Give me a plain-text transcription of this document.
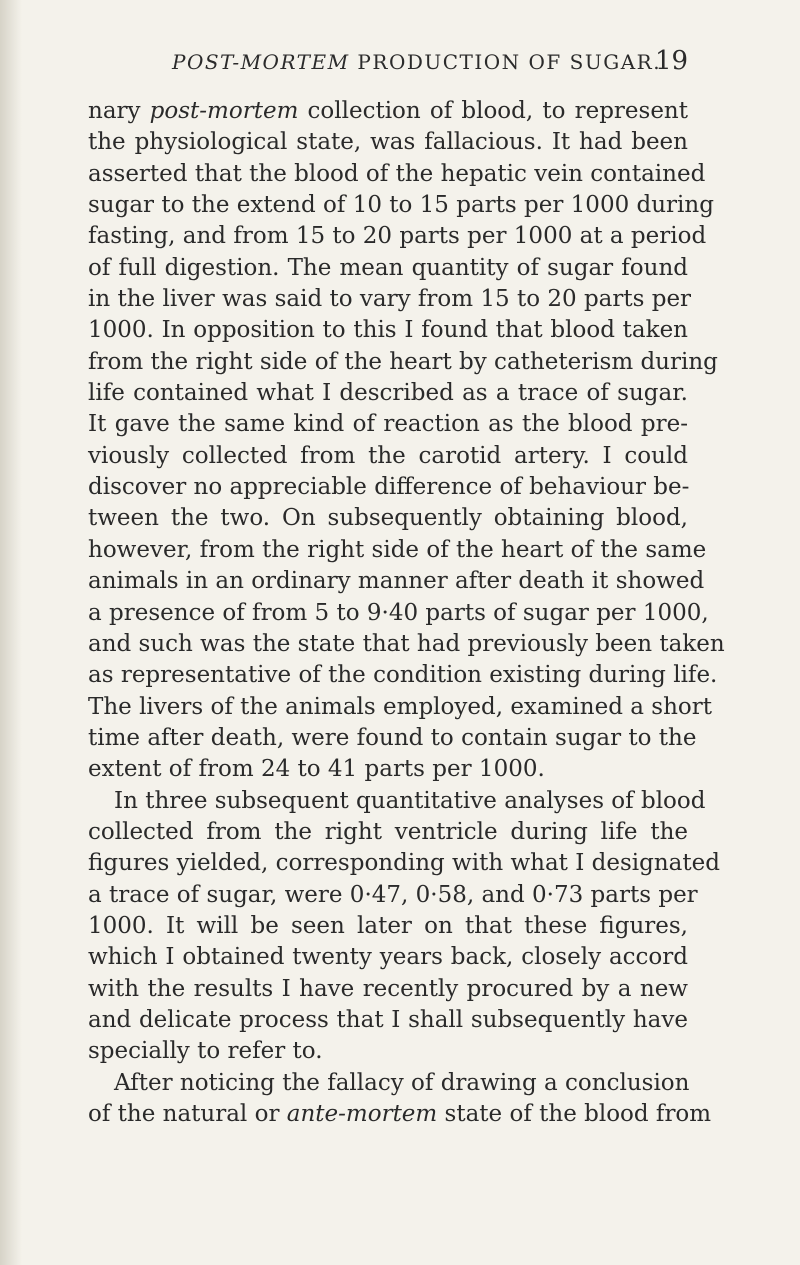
POST-MORTEM PRODUCTION OF SUGAR.
19
nary post-mortem collection of blood, to represent
the physiological state, was fallacious. It had been
asserted that the blood of the hepatic vein contained
sugar to the extend of 10 to 15 parts per 1000 during
fasting, and from 15 to 20 parts per 1000 at a period
of full digestion. The mean quantity of sugar found
in the liver was said to vary from 15 to 20 parts per
1000. In opposition to this I found that blood taken
from the right side of the heart by catheterism during
life contained what I described as a trace of sugar.
It gave the same kind of reaction as the blood pre-
viously collected from the carotid artery. I could
discover no appreciable difference of behaviour be-
tween the two. On subsequently obtaining blood,
however, from the right side of the heart of the same
animals in an ordinary manner after death it showed
a presence of from 5 to 9·40 parts of sugar per 1000,
and such was the state that had previously been taken
as representative of the condition existing during life.
The livers of the animals employed, examined a short
time after death, were found to contain sugar to the
extent of from 24 to 41 parts per 1000.
In three subsequent quantitative analyses of blood
collected from the right ventricle during life the
figures yielded, corresponding with what I designated
a trace of sugar, were 0·47, 0·58, and 0·73 parts per
1000. It will be seen later on that these figures,
which I obtained twenty years back, closely accord
with the results I have recently procured by a new
and delicate process that I shall subsequently have
specially to refer to.
After noticing the fallacy of drawing a conclusion
of the natural or ante-mortem state of the blood from
